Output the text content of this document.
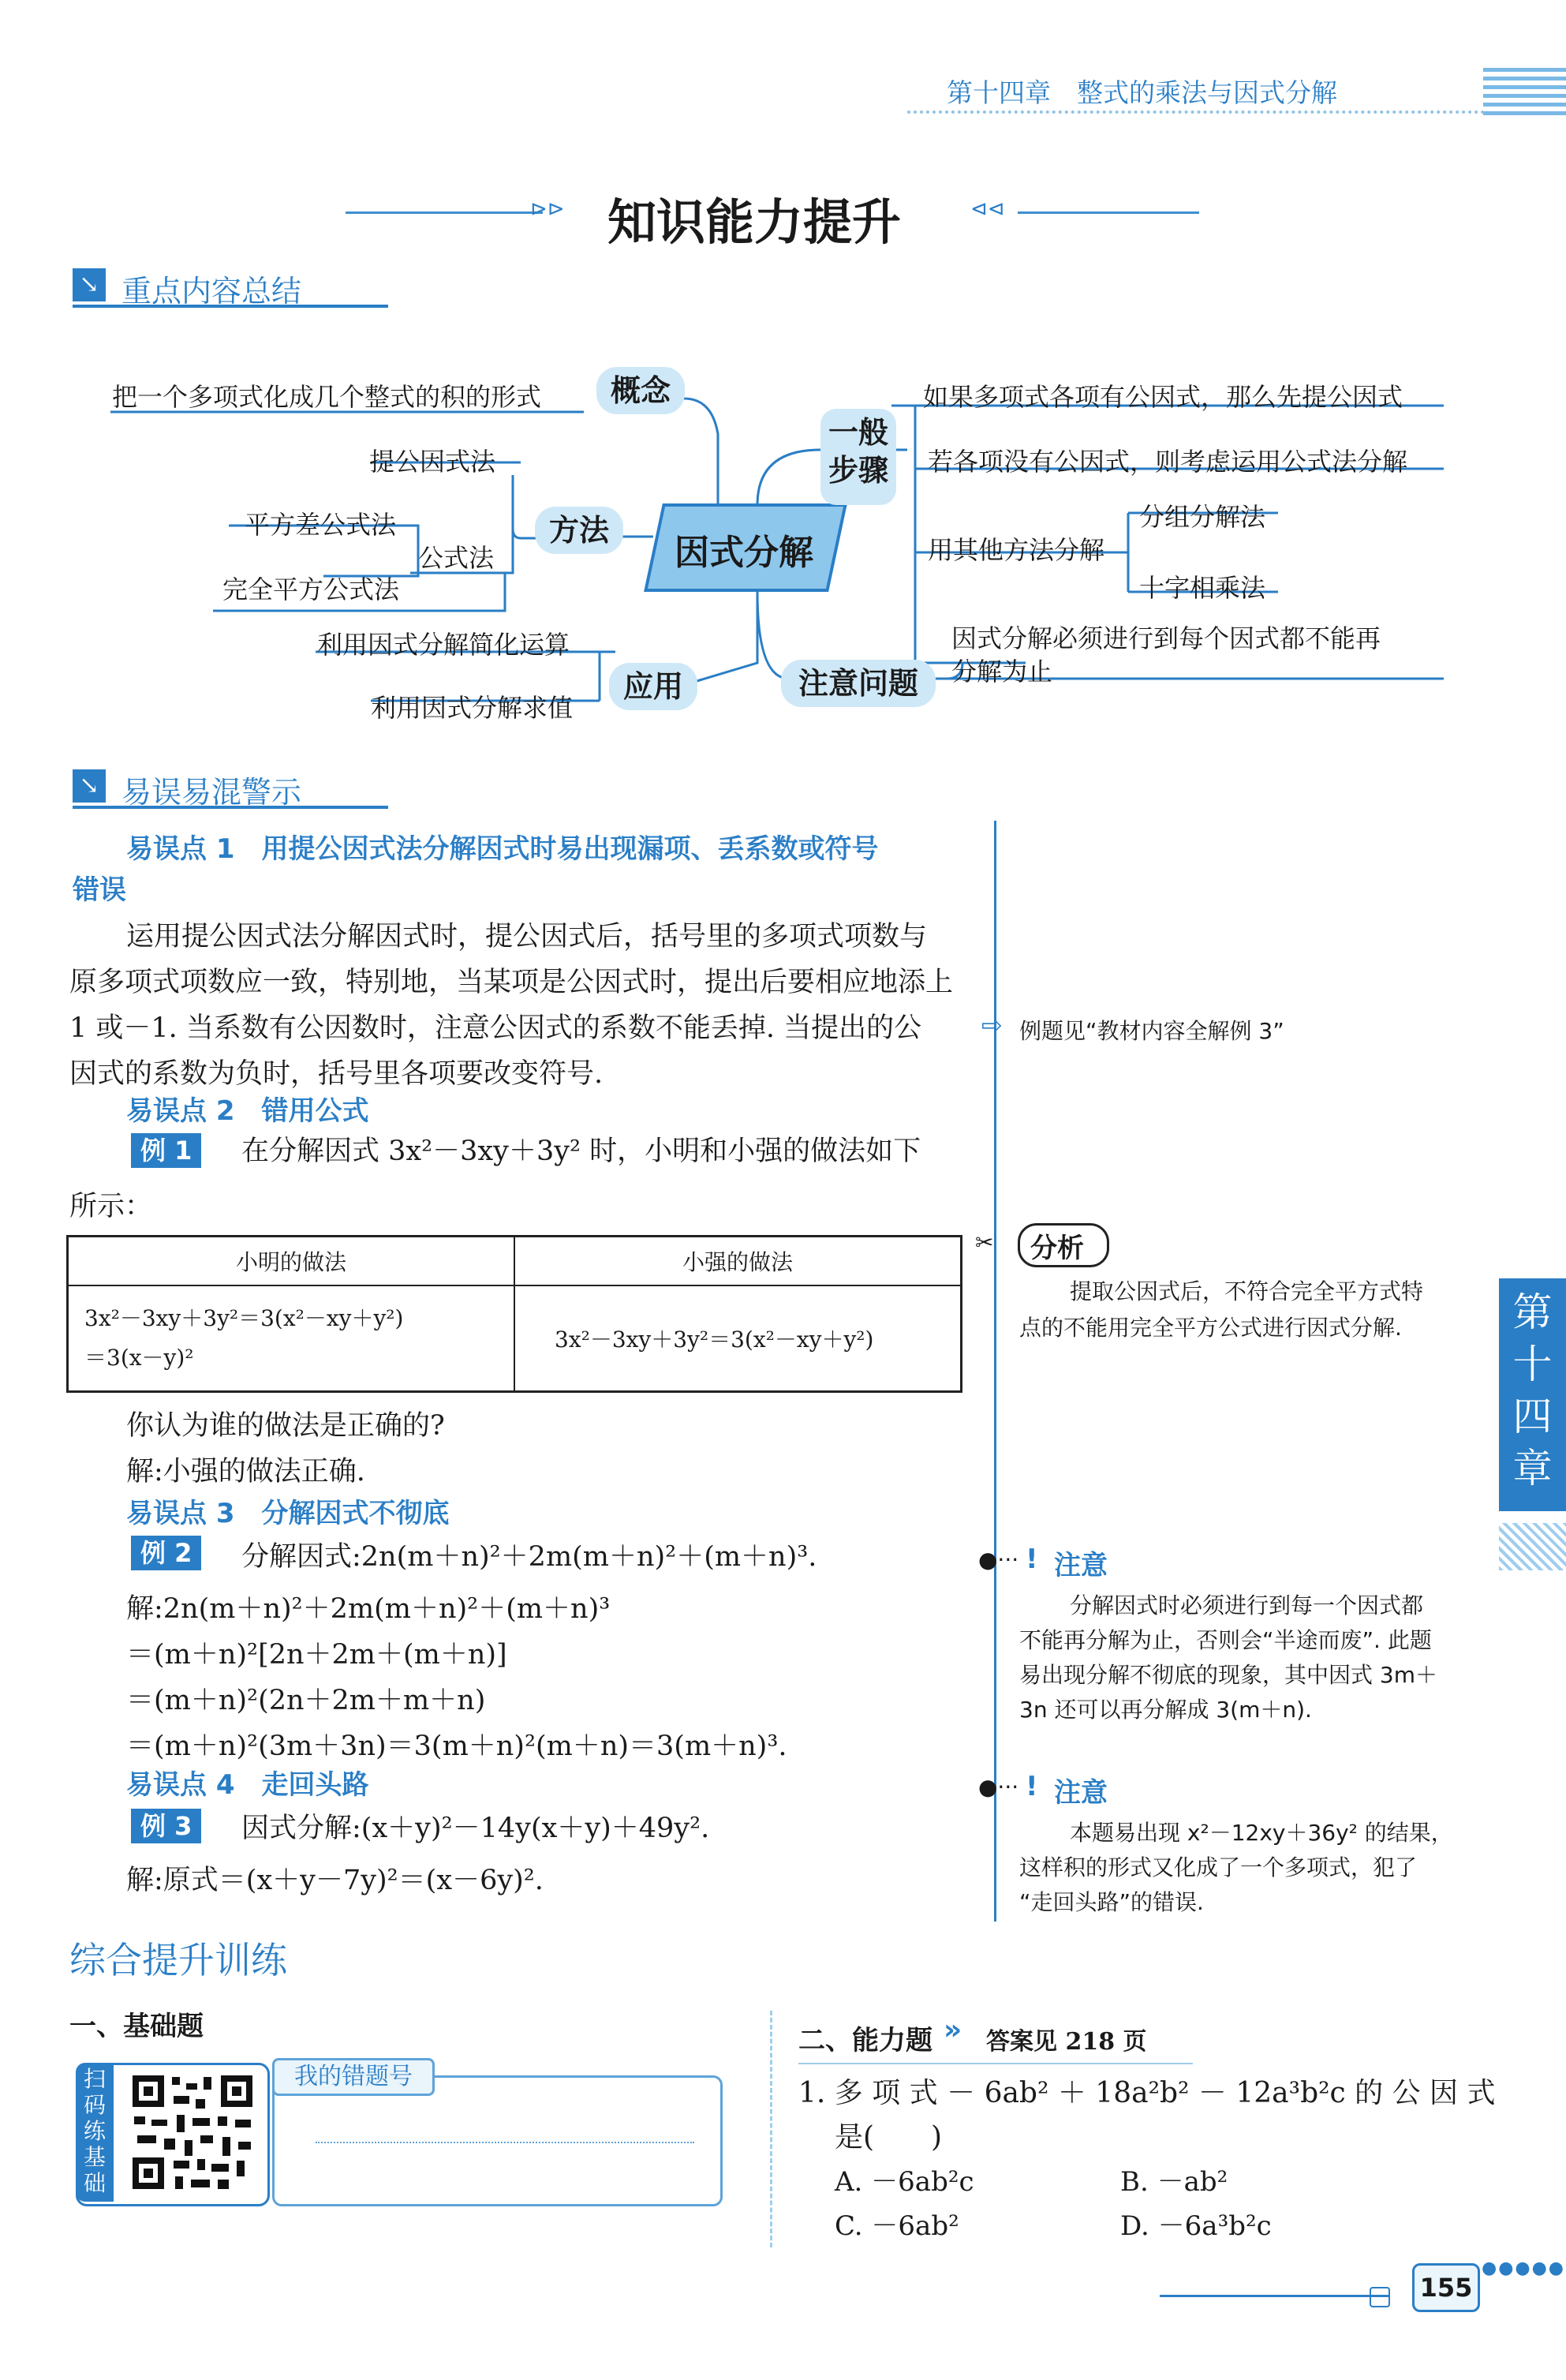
第十四章　整式的乘法与因式分解
⊳⊳ 知识能力提升	⊲⊲
↘ 重点内容总结
因式分解
概念
把一个多项式化成几个整式的积的形式
方法
提公因式法
公式法
平方差公式法
完全平方公式法
应用
利用因式分解简化运算
利用因式分解求值
一般
步骤
如果多项式各项有公因式，那么先提公因式
若各项没有公因式，则考虑运用公式法分解
用其他方法分解
分组分解法
十字相乘法
注意问题
因式分解必须进行到每个因式都不能再
分解为止
↘ 易误易混警示
易误点 1　用提公因式法分解因式时易出现漏项、丢系数或符号
错误
运用提公因式法分解因式时，提公因式后，括号里的多项式项数与
原多项式项数应一致，特别地，当某项是公因式时，提出后要相应地添上
1 或－1. 当系数有公因数时，注意公因式的系数不能丢掉. 当提出的公
因式的系数为负时，括号里各项要改变符号.
易误点 2　错用公式
例 1	在分解因式 3x²－3xy＋3y² 时，小明和小强的做法如下
所示：
小明的做法	小强的做法

3x²－3xy＋3y²＝3(x²－xy＋y²)
＝3(x－y)²	3x²－3xy＋3y²＝3(x²－xy＋y²)
你认为谁的做法是正确的?
解:小强的做法正确.
易误点 3　分解因式不彻底
例 2	分解因式:2n(m＋n)²＋2m(m＋n)²＋(m＋n)³.
解:2n(m＋n)²＋2m(m＋n)²＋(m＋n)³
＝(m＋n)²[2n＋2m＋(m＋n)]
＝(m＋n)²(2n＋2m＋m＋n)
＝(m＋n)²(3m＋3n)＝3(m＋n)²(m＋n)＝3(m＋n)³.
易误点 4　走回头路
例 3	因式分解:(x＋y)²－14y(x＋y)＋49y².
解:原式＝(x＋y－7y)²＝(x－6y)².
⇨ 例题见“教材内容全解例 3”
✂ 分析
提取公因式后，不符合完全平方式特
点的不能用完全平方公式进行因式分解.
●··· ! 注意
分解因式时必须进行到每一个因式都
不能再分解为止，否则会“半途而废”. 此题
易出现分解不彻底的现象，其中因式 3m＋
3n 还可以再分解成 3(m＋n).
●··· ! 注意
本题易出现 x²－12xy＋36y² 的结果，
这样积的形式又化成了一个多项式，犯了
“走回头路”的错误.
第
十
四
章
综合提升训练
一、基础题
扫
码
练
基
础
我的错题号
二、能力题 » 答案见 218 页
1. 多 项 式 － 6ab² ＋ 18a²b² － 12a³b²c 的 公 因 式
是(　　)
A. －6ab²c	B. －ab²
C. －6ab²	D. －6a³b²c
155
●●●●●
